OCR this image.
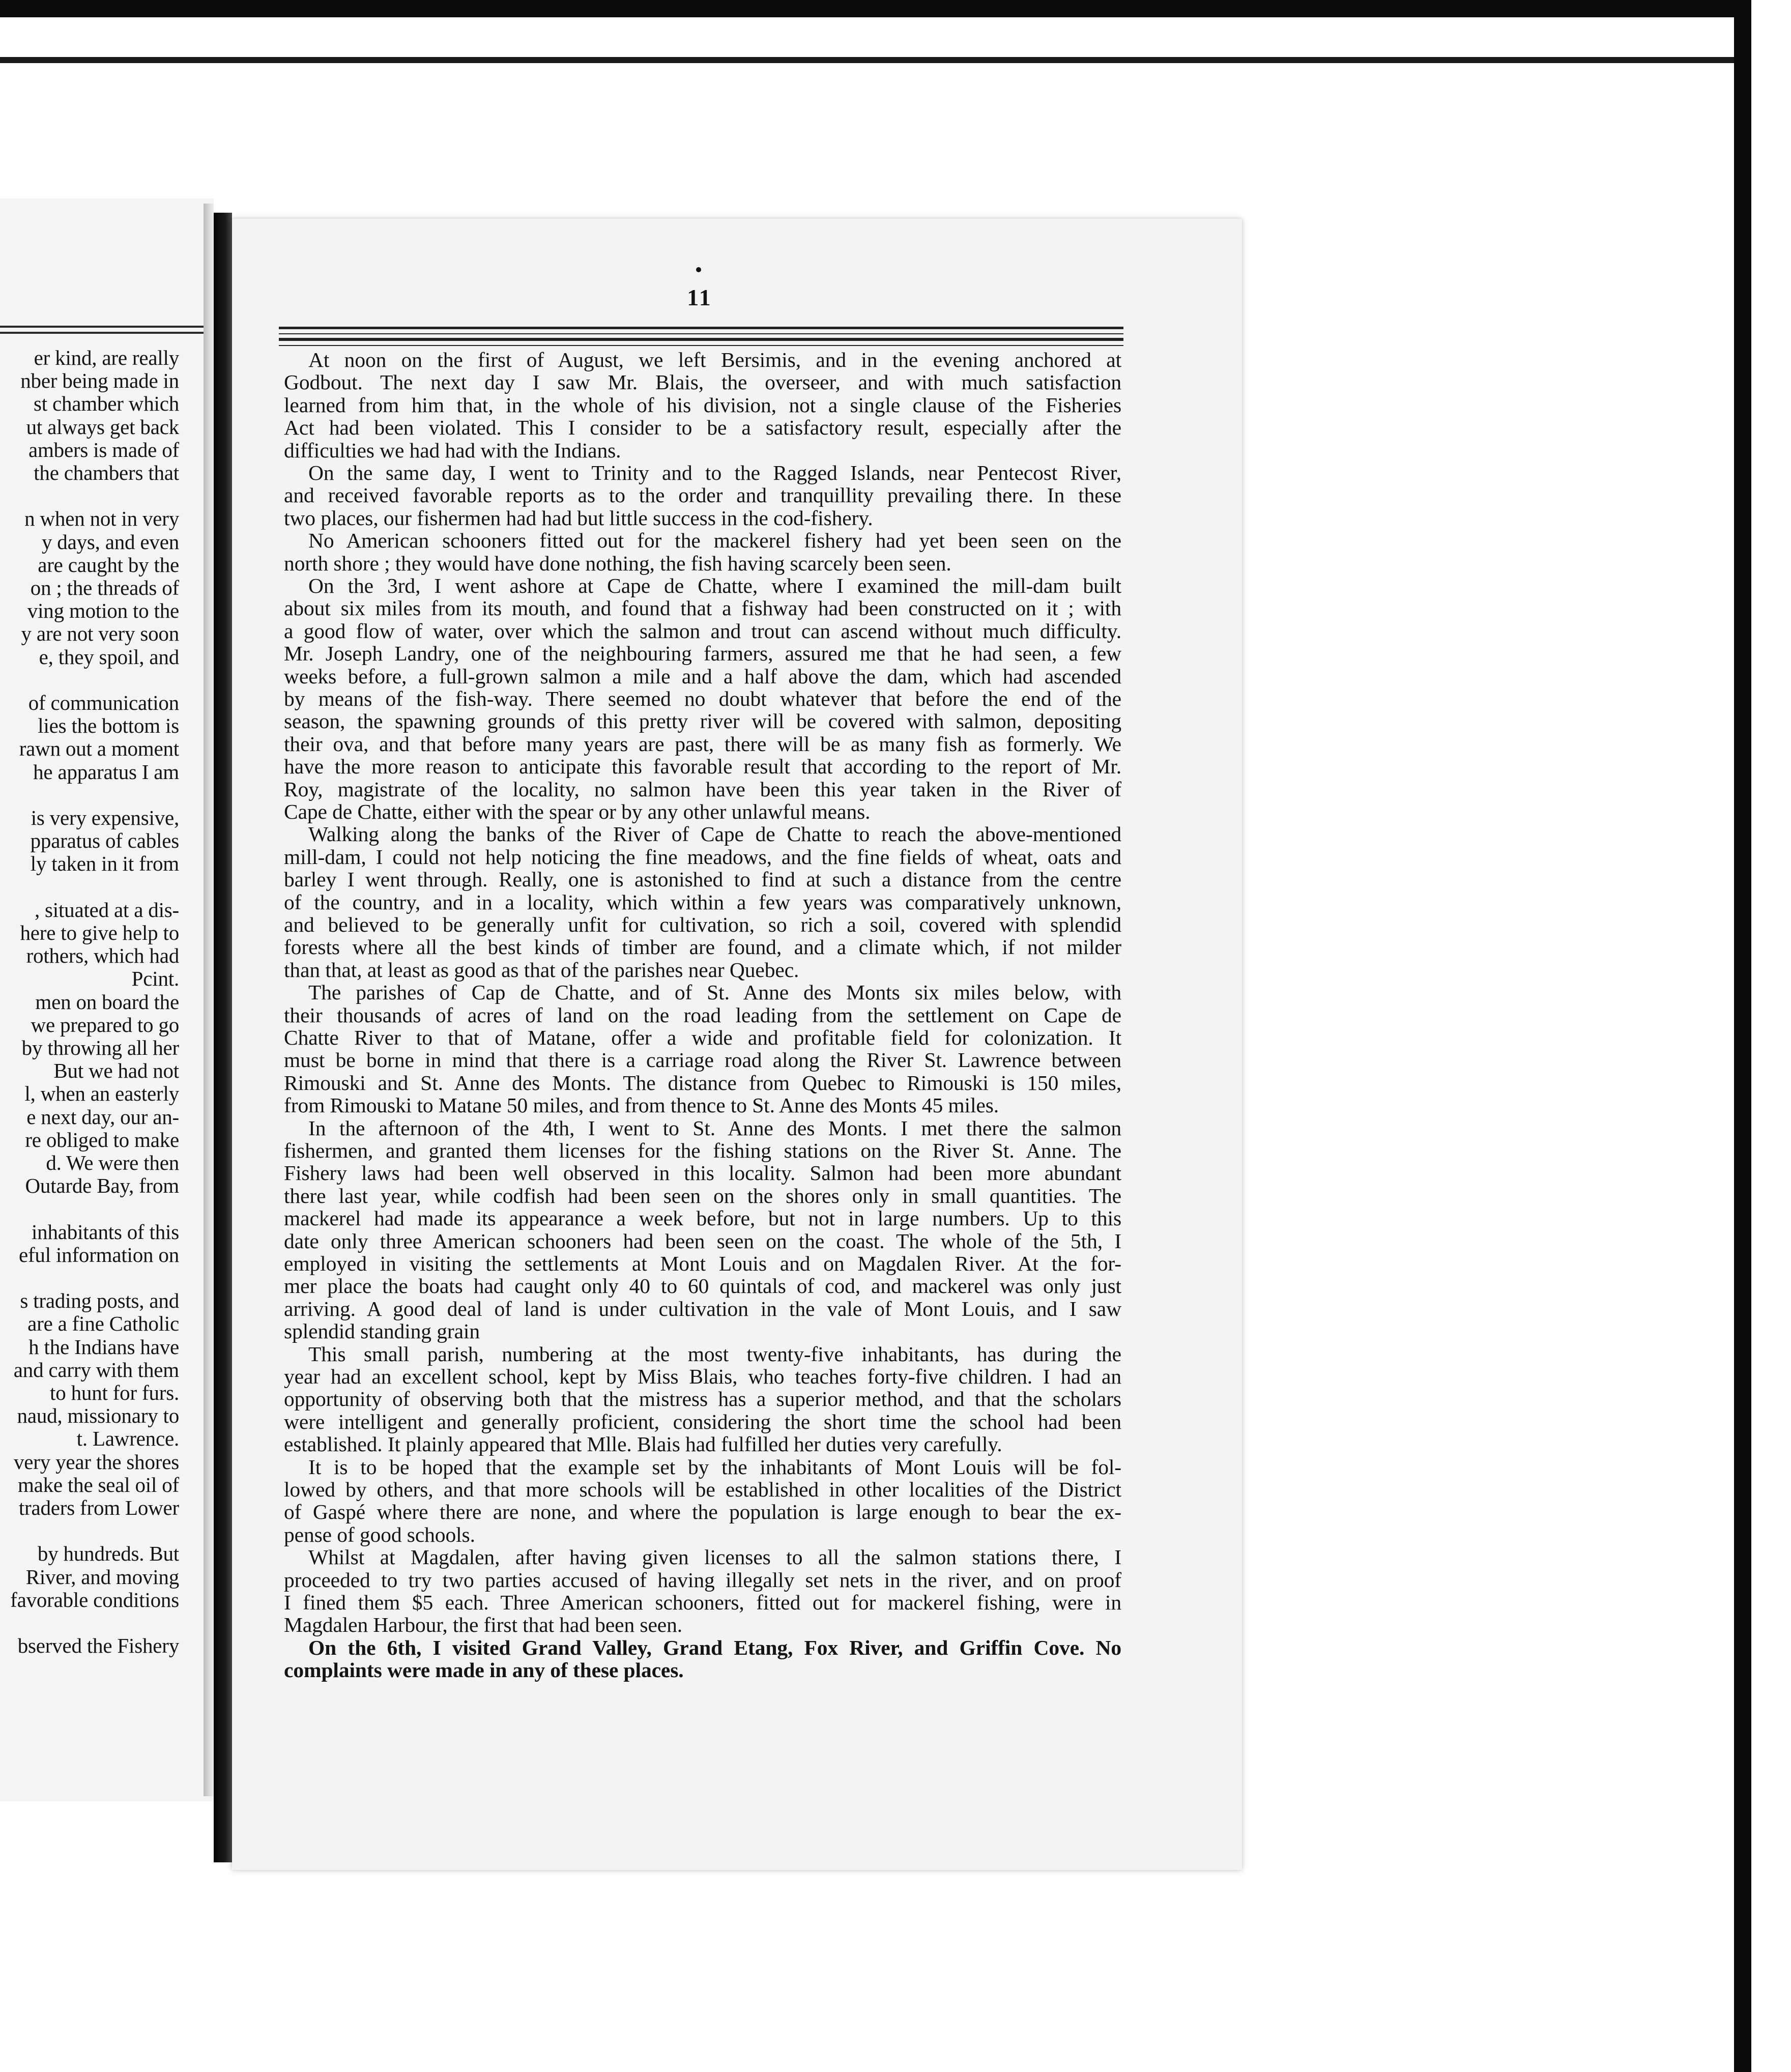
er kind, are really
nber being made in
st chamber which
ut always get back
ambers is made of
the chambers that
n when not in very
y days, and even
are caught by the
on ; the threads of
ving motion to the
y are not very soon
e, they spoil, and
of communication
lies the bottom is
rawn out a moment
he apparatus I am
is very expensive,
pparatus of cables
ly taken in it from
, situated at a dis-
here to give help to
rothers, which had
Pcint.
men on board the
we prepared to go
by throwing all her
But we had not
l, when an easterly
e next day, our an-
re obliged to make
d. We were then
Outarde Bay, from
inhabitants of this
eful information on
s trading posts, and
are a fine Catholic
h the Indians have
and carry with them
to hunt for furs.
naud, missionary to
t. Lawrence.
very year the shores
make the seal oil of
traders from Lower
by hundreds. But
River, and moving
favorable conditions
bserved the Fishery
11
At noon on the first of August, we left Bersimis, and in the evening anchored at
Godbout. The next day I saw Mr. Blais, the overseer, and with much satisfaction
learned from him that, in the whole of his division, not a single clause of the Fisheries
Act had been violated. This I consider to be a satisfactory result, especially after the
difficulties we had had with the Indians.
On the same day, I went to Trinity and to the Ragged Islands, near Pentecost River,
and received favorable reports as to the order and tranquillity prevailing there. In these
two places, our fishermen had had but little success in the cod-fishery.
No American schooners fitted out for the mackerel fishery had yet been seen on the
north shore ; they would have done nothing, the fish having scarcely been seen.
On the 3rd, I went ashore at Cape de Chatte, where I examined the mill-dam built
about six miles from its mouth, and found that a fishway had been constructed on it ; with
a good flow of water, over which the salmon and trout can ascend without much difficulty.
Mr. Joseph Landry, one of the neighbouring farmers, assured me that he had seen, a few
weeks before, a full-grown salmon a mile and a half above the dam, which had ascended
by means of the fish-way. There seemed no doubt whatever that before the end of the
season, the spawning grounds of this pretty river will be covered with salmon, depositing
their ova, and that before many years are past, there will be as many fish as formerly. We
have the more reason to anticipate this favorable result that according to the report of Mr.
Roy, magistrate of the locality, no salmon have been this year taken in the River of
Cape de Chatte, either with the spear or by any other unlawful means.
Walking along the banks of the River of Cape de Chatte to reach the above-mentioned
mill-dam, I could not help noticing the fine meadows, and the fine fields of wheat, oats and
barley I went through. Really, one is astonished to find at such a distance from the centre
of the country, and in a locality, which within a few years was comparatively unknown,
and believed to be generally unfit for cultivation, so rich a soil, covered with splendid
forests where all the best kinds of timber are found, and a climate which, if not milder
than that, at least as good as that of the parishes near Quebec.
The parishes of Cap de Chatte, and of St. Anne des Monts six miles below, with
their thousands of acres of land on the road leading from the settlement on Cape de
Chatte River to that of Matane, offer a wide and profitable field for colonization. It
must be borne in mind that there is a carriage road along the River St. Lawrence between
Rimouski and St. Anne des Monts. The distance from Quebec to Rimouski is 150 miles,
from Rimouski to Matane 50 miles, and from thence to St. Anne des Monts 45 miles.
In the afternoon of the 4th, I went to St. Anne des Monts. I met there the salmon
fishermen, and granted them licenses for the fishing stations on the River St. Anne. The
Fishery laws had been well observed in this locality. Salmon had been more abundant
there last year, while codfish had been seen on the shores only in small quantities. The
mackerel had made its appearance a week before, but not in large numbers. Up to this
date only three American schooners had been seen on the coast. The whole of the 5th, I
employed in visiting the settlements at Mont Louis and on Magdalen River. At the for-
mer place the boats had caught only 40 to 60 quintals of cod, and mackerel was only just
arriving. A good deal of land is under cultivation in the vale of Mont Louis, and I saw
splendid standing grain
This small parish, numbering at the most twenty-five inhabitants, has during the
year had an excellent school, kept by Miss Blais, who teaches forty-five children. I had an
opportunity of observing both that the mistress has a superior method, and that the scholars
were intelligent and generally proficient, considering the short time the school had been
established. It plainly appeared that Mlle. Blais had fulfilled her duties very carefully.
It is to be hoped that the example set by the inhabitants of Mont Louis will be fol-
lowed by others, and that more schools will be established in other localities of the District
of Gaspé where there are none, and where the population is large enough to bear the ex-
pense of good schools.
Whilst at Magdalen, after having given licenses to all the salmon stations there, I
proceeded to try two parties accused of having illegally set nets in the river, and on proof
I fined them $5 each. Three American schooners, fitted out for mackerel fishing, were in
Magdalen Harbour, the first that had been seen.
On the 6th, I visited Grand Valley, Grand Etang, Fox River, and Griffin Cove. No
complaints were made in any of these places.
